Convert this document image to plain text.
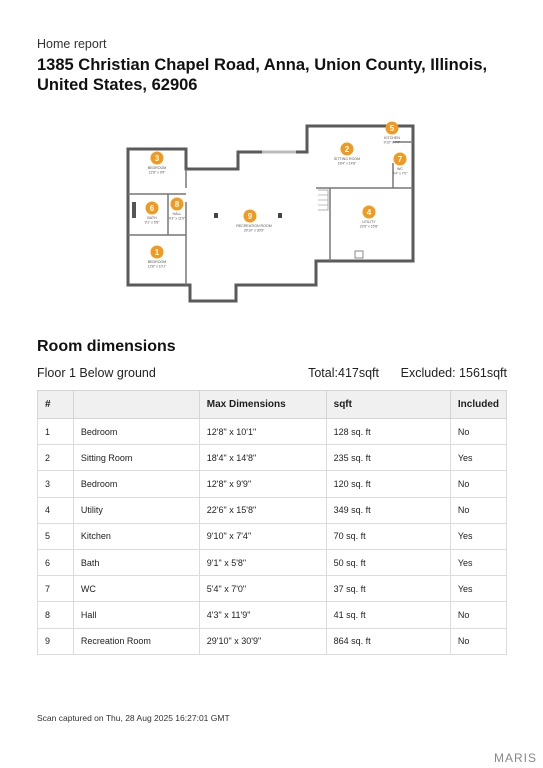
Home report
1385 Christian Chapel Road, Anna, Union County, Illinois, United States, 62906
1
BEDROOM
12'8" x 10'1"
2
SITTING ROOM
18'4" x 14'8"
3
BEDROOM
12'8" x 9'9"
4
UTILITY
22'6" x 15'8"
5
KITCHEN
9'10" x 7'4"
6
BATH
9'1" x 5'8"
7
WC
5'4" x 7'0"
8
HALL
4'3" x 11'9"	9
RECREATION ROOM
29'10" x 30'9"
Room dimensions
Floor 1 Below ground	Total:417sqft Excluded: 1561sqft
#		Max Dimensions	sqft	Included
1	Bedroom	12'8" x 10'1"	128 sq. ft	No
2	Sitting Room	18'4" x 14'8"	235 sq. ft	Yes
3	Bedroom	12'8" x 9'9"	120 sq. ft	No
4	Utility	22'6" x 15'8"	349 sq. ft	No
5	Kitchen	9'10" x 7'4"	70 sq. ft	Yes
6	Bath	9'1" x 5'8"	50 sq. ft	Yes
7	WC	5'4" x 7'0"	37 sq. ft	Yes
8	Hall	4'3" x 11'9"	41 sq. ft	No
9	Recreation Room	29'10" x 30'9"	864 sq. ft	No
Scan captured on Thu, 28 Aug 2025 16:27:01 GMT
MARIS
